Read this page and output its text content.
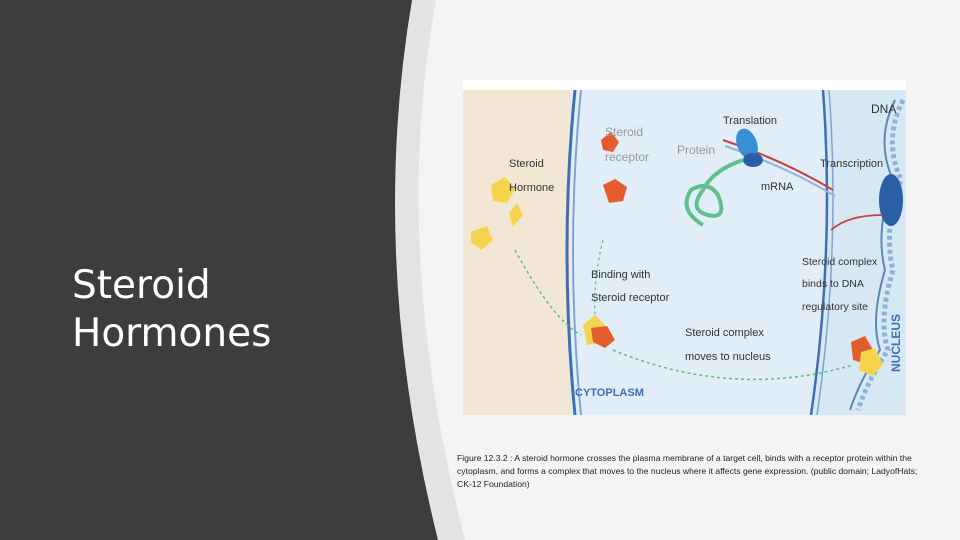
Steroid
Hormones
Steroid
Hormone
Steroid
receptor Protein
Translation
mRNA
DNA
Transcription
Binding with
Steroid receptor
Steroid complex
binds to DNA
regulatory site
Steroid complex
moves to nucleus
CYTOPLASM
NUCLEUS

Figure 12.3.2 : A steroid hormone crosses the plasma membrane of a target cell, binds with a receptor protein within the cytoplasm, and forms a complex that moves to the nucleus where it affects gene expression. (public domain; LadyofHats; CK-12 Foundation)
